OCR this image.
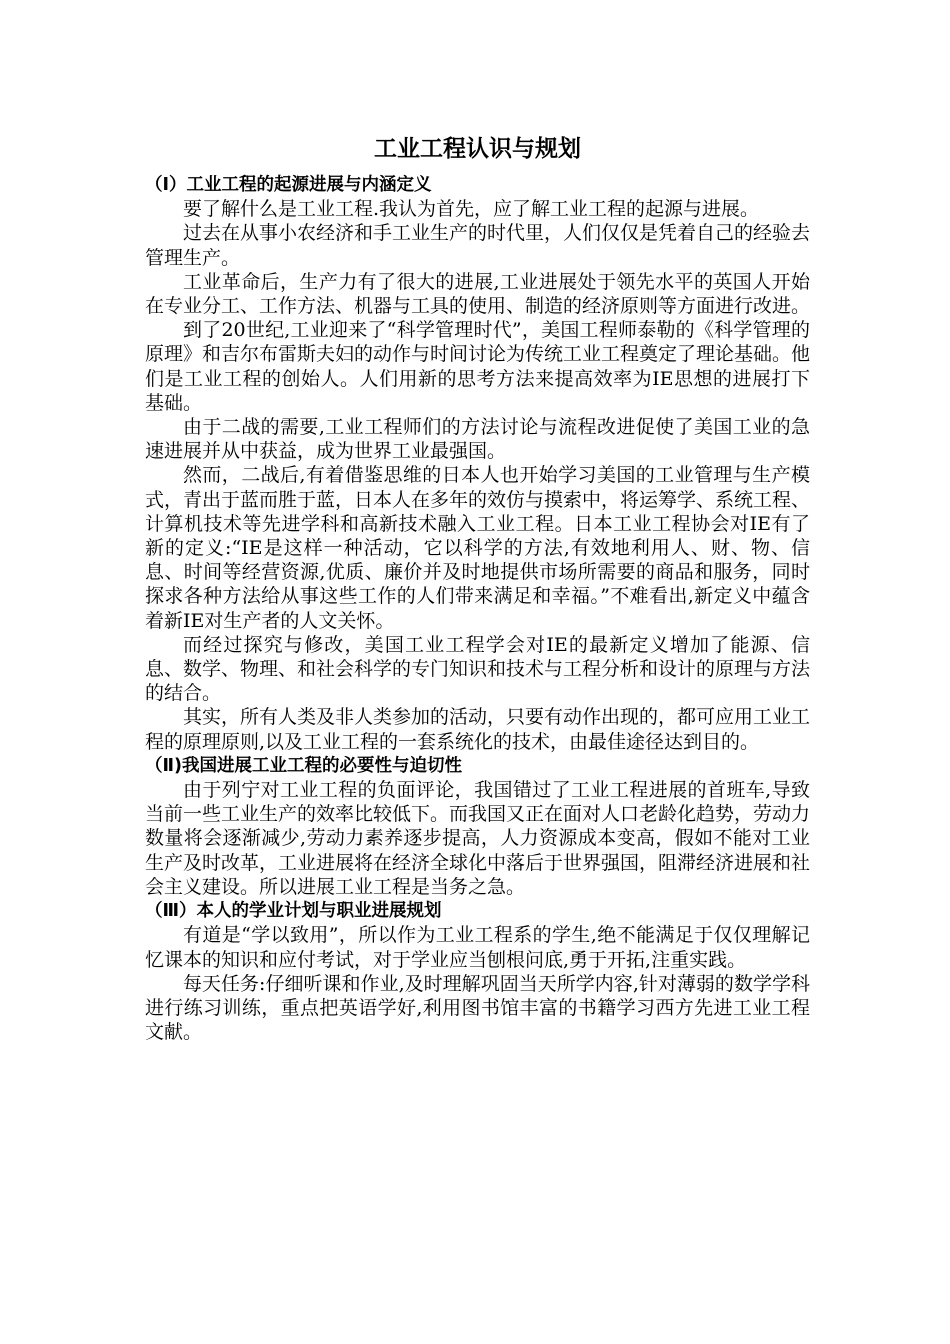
工业工程认识与规划
（Ⅰ）工业工程的起源进展与内涵定义

要了解什么是工业工程.我认为首先，应了解工业工程的起源与进展。

过去在从事小农经济和手工业生产的时代里，人们仅仅是凭着自己的经验去管理生产。

工业革命后，生产力有了很大的进展,工业进展处于领先水平的英国人开始在专业分工、工作方法、机器与工具的使用、制造的经济原则等方面进行改进。

到了20世纪,工业迎来了“科学管理时代”，美国工程师泰勒的《科学管理的原理》和吉尔布雷斯夫妇的动作与时间讨论为传统工业工程奠定了理论基础。他们是工业工程的创始人。人们用新的思考方法来提高效率为IE思想的进展打下基础。

由于二战的需要,工业工程师们的方法讨论与流程改进促使了美国工业的急速进展并从中获益，成为世界工业最强国。

然而，二战后,有着借鉴思维的日本人也开始学习美国的工业管理与生产模式，青出于蓝而胜于蓝，日本人在多年的效仿与摸索中，将运筹学、系统工程、计算机技术等先进学科和高新技术融入工业工程。日本工业工程协会对IE有了新的定义:“IE是这样一种活动，它以科学的方法,有效地利用人、财、物、信息、时间等经营资源,优质、廉价并及时地提供市场所需要的商品和服务，同时探求各种方法给从事这些工作的人们带来满足和幸福。”不难看出,新定义中蕴含着新IE对生产者的人文关怀。

而经过探究与修改，美国工业工程学会对IE的最新定义增加了能源、信息、数学、物理、和社会科学的专门知识和技术与工程分析和设计的原理与方法的结合。

其实，所有人类及非人类参加的活动，只要有动作出现的，都可应用工业工程的原理原则,以及工业工程的一套系统化的技术，由最佳途径达到目的。

（Ⅱ)我国进展工业工程的必要性与迫切性

由于列宁对工业工程的负面评论，我国错过了工业工程进展的首班车,导致当前一些工业生产的效率比较低下。而我国又正在面对人口老龄化趋势，劳动力数量将会逐渐减少,劳动力素养逐步提高，人力资源成本变高，假如不能对工业生产及时改革，工业进展将在经济全球化中落后于世界强国，阻滞经济进展和社会主义建设。所以进展工业工程是当务之急。

（Ⅲ）本人的学业计划与职业进展规划

有道是“学以致用”，所以作为工业工程系的学生,绝不能满足于仅仅理解记忆课本的知识和应付考试，对于学业应当刨根问底,勇于开拓,注重实践。

每天任务:仔细听课和作业,及时理解巩固当天所学内容,针对薄弱的数学学科进行练习训练，重点把英语学好,利用图书馆丰富的书籍学习西方先进工业工程文献。
